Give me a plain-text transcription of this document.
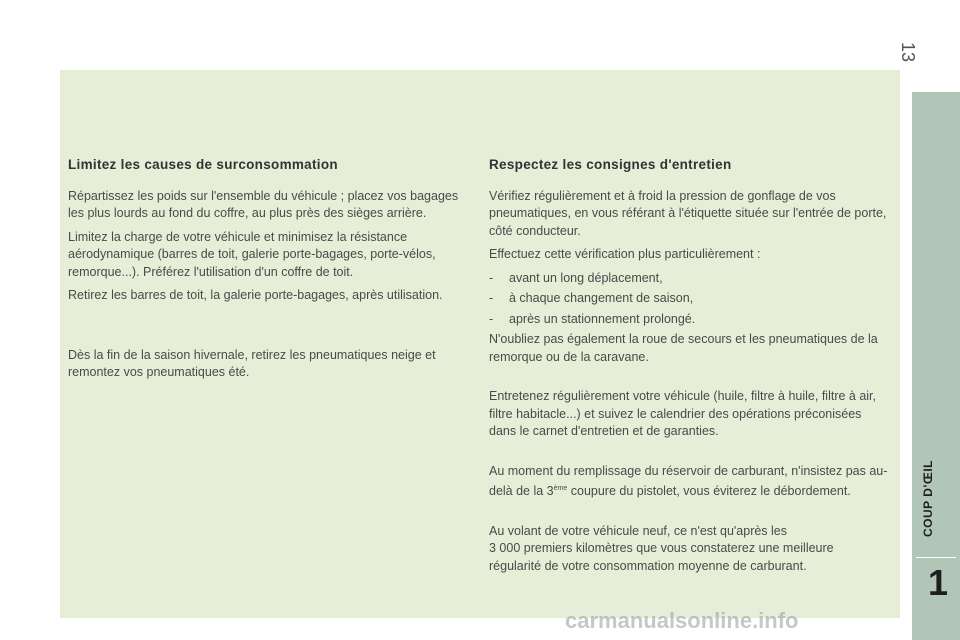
13
COUP D'ŒIL
1
Limitez les causes de surconsommation

Répartissez les poids sur l'ensemble du véhicule ; placez vos bagages les plus lourds au fond du coffre, au plus près des sièges arrière.

Limitez la charge de votre véhicule et minimisez la résistance aérodynamique (barres de toit, galerie porte-bagages, porte-vélos, remorque...). Préférez l'utilisation d'un coffre de toit.

Retirez les barres de toit, la galerie porte-bagages, après utilisation.

Dès la fin de la saison hivernale, retirez les pneumatiques neige et remontez vos pneumatiques été.

Respectez les consignes d'entretien

Vérifiez régulièrement et à froid la pression de gonflage de vos pneumatiques, en vous référant à l'étiquette située sur l'entrée de porte, côté conducteur.

Effectuez cette vérification plus particulièrement :

-	avant un long déplacement,
-	à chaque changement de saison,
-	après un stationnement prolongé.

N'oubliez pas également la roue de secours et les pneumatiques de la remorque ou de la caravane.

Entretenez régulièrement votre véhicule (huile, filtre à huile, filtre à air, filtre habitacle...) et suivez le calendrier des opérations préconisées dans le carnet d'entretien et de garanties.

Au moment du remplissage du réservoir de carburant, n'insistez pas au-delà de la 3ème coupure du pistolet, vous éviterez le débordement.

Au volant de votre véhicule neuf, ce n'est qu'après les
3 000 premiers kilomètres que vous constaterez une meilleure régularité de votre consommation moyenne de carburant.

carmanualsonline.info
